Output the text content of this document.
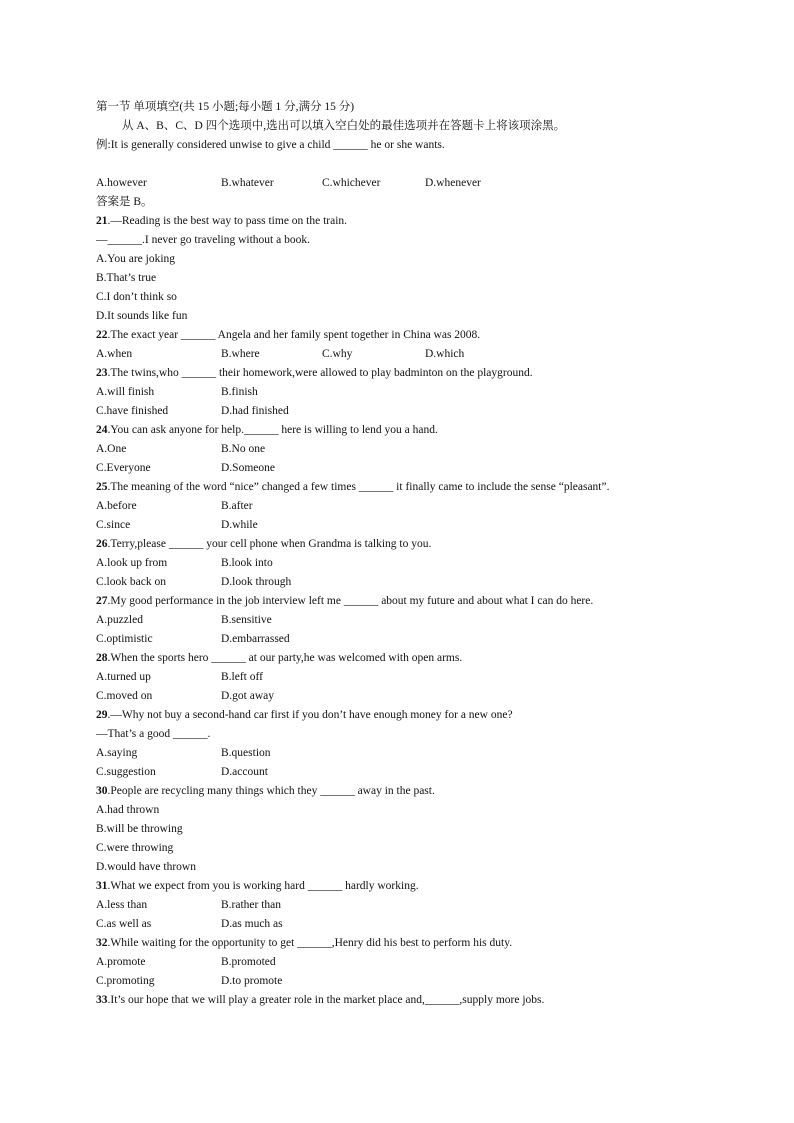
第一节 单项填空(共 15 小题;每小题 1 分,满分 15 分)
从 A、B、C、D 四个选项中,选出可以填入空白处的最佳选项并在答题卡上将该项涂黑。
例:It is generally considered unwise to give a child ______ he or she wants.
A.however	B.whatever	C.whichever	D.whenever
答案是 B。
21.—Reading is the best way to pass time on the train.
—______.I never go traveling without a book.
A.You are joking
B.That’s true
C.I don’t think so
D.It sounds like fun
22.The exact year ______ Angela and her family spent together in China was 2008.
A.when	B.where	C.why	D.which
23.The twins,who ______ their homework,were allowed to play badminton on the playground.
A.will finish	B.finish
C.have finished	D.had finished
24.You can ask anyone for help.______ here is willing to lend you a hand.
A.One	B.No one
C.Everyone	D.Someone
25.The meaning of the word “nice” changed a few times ______ it finally came to include the sense “pleasant”.
A.before	B.after
C.since	D.while
26.Terry,please ______ your cell phone when Grandma is talking to you.
A.look up from	B.look into
C.look back on	D.look through
27.My good performance in the job interview left me ______ about my future and about what I can do here.
A.puzzled	B.sensitive
C.optimistic	D.embarrassed
28.When the sports hero ______ at our party,he was welcomed with open arms.
A.turned up	B.left off
C.moved on	D.got away
29.—Why not buy a second-hand car first if you don’t have enough money for a new one?
—That’s a good ______.
A.saying	B.question
C.suggestion	D.account
30.People are recycling many things which they ______ away in the past.
A.had thrown
B.will be throwing
C.were throwing
D.would have thrown
31.What we expect from you is working hard ______ hardly working.
A.less than	B.rather than
C.as well as	D.as much as
32.While waiting for the opportunity to get ______,Henry did his best to perform his duty.
A.promote	B.promoted
C.promoting	D.to promote
33.It’s our hope that we will play a greater role in the market place and,______,supply more jobs.
